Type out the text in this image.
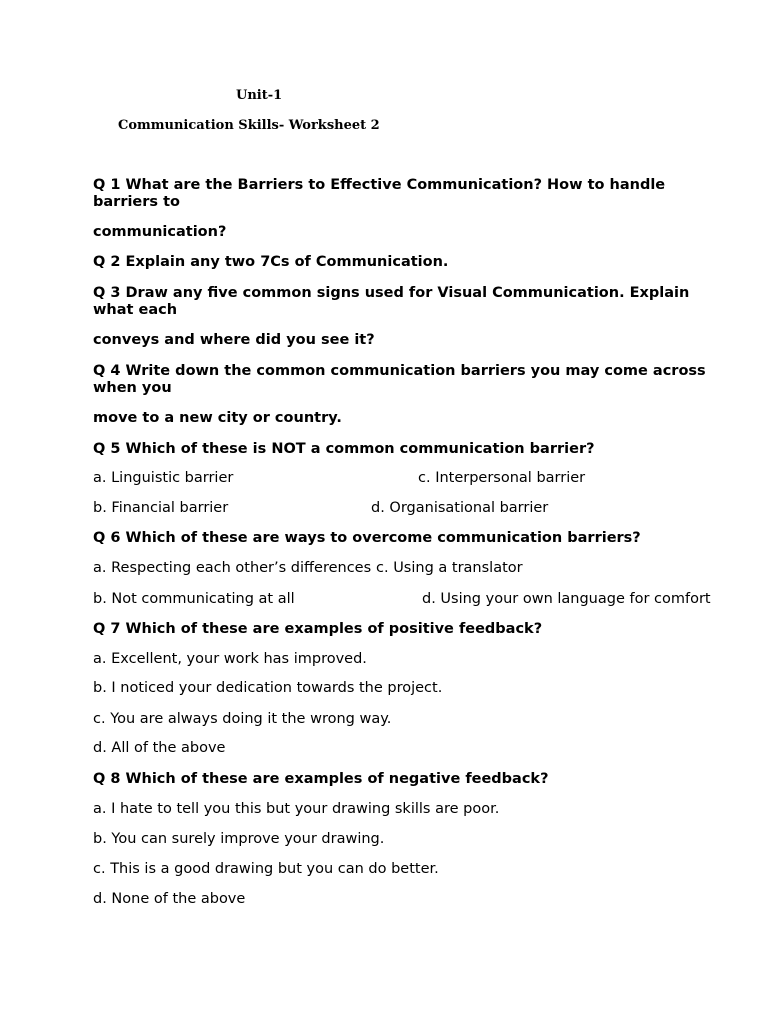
Unit-1
Communication Skills- Worksheet 2
Q 1 What are the Barriers to Effective Communication? How to handle
barriers to
communication?
Q 2 Explain any two 7Cs of Communication.
Q 3 Draw any five common signs used for Visual Communication. Explain
what each
conveys and where did you see it?
Q 4 Write down the common communication barriers you may come across
when you
move to a new city or country.
Q 5 Which of these is NOT a common communication barrier?
a. Linguistic barrier	c. Interpersonal barrier
b. Financial barrier	d. Organisational barrier
Q 6 Which of these are ways to overcome communication barriers?
a. Respecting each other’s differences c. Using a translator
b. Not communicating at all	d. Using your own language for comfort
Q 7 Which of these are examples of positive feedback?
a. Excellent, your work has improved.
b. I noticed your dedication towards the project.
c. You are always doing it the wrong way.
d. All of the above
Q 8 Which of these are examples of negative feedback?
a. I hate to tell you this but your drawing skills are poor.
b. You can surely improve your drawing.
c. This is a good drawing but you can do better.
d. None of the above
